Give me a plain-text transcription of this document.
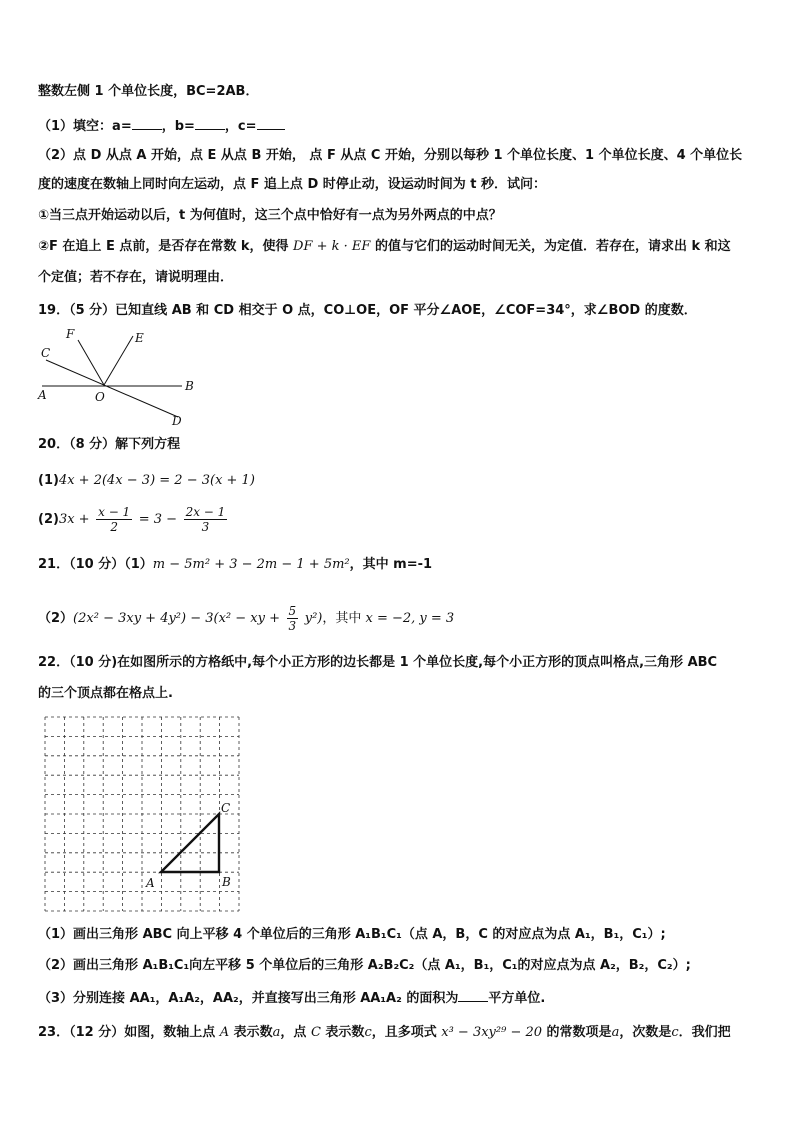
整数左侧 1 个单位长度，BC=2AB．
（1）填空：a= ，b= ，c=
（2）点 D 从点 A 开始，点 E 从点 B 开始， 点 F 从点 C 开始，分别以每秒 1 个单位长度、1 个单位长度、4 个单位长
度的速度在数轴上同时向左运动，点 F 追上点 D 时停止动，设运动时间为 t 秒．试问：
①当三点开始运动以后，t 为何值时，这三个点中恰好有一点为另外两点的中点？
②F 在追上 E 点前，是否存在常数 k，使得 DF + k · EF 的值与它们的运动时间无关，为定值．若存在，请求出 k 和这
个定值；若不存在，请说明理由．
19．（5 分）已知直线 AB 和 CD 相交于 O 点，CO⊥OE，OF 平分∠AOE，∠COF=34°，求∠BOD 的度数．
A
B
C
D
E
F
O
20．（8 分）解下列方程
(1)4x + 2(4x − 3) = 2 − 3(x + 1)
$(2)3x + \frac{x - 1}{2} = 3 - \frac{2x - 1}{3}$
21．（10 分）（1）m − 5m² + 3 − 2m − 1 + 5m²，其中 m=-1
（2）(2x² − 3xy + 4y²) − 3(x² − xy + $\frac{5}{3} y^2$)，其中 x = −2, y = 3
22．（10 分)在如图所示的方格纸中,每个小正方形的边长都是 1 个单位长度,每个小正方形的顶点叫格点,三角形 ABC
的三个顶点都在格点上.
A	B
C
（1）画出三角形 ABC 向上平移 4 个单位后的三角形 A₁B₁C₁（点 A，B，C 的对应点为点 A₁，B₁，C₁）;
（2）画出三角形 A₁B₁C₁向左平移 5 个单位后的三角形 A₂B₂C₂（点 A₁，B₁，C₁的对应点为点 A₂，B₂，C₂）;
（3）分别连接 AA₁，A₁A₂，AA₂，并直接写出三角形 AA₁A₂ 的面积为 平方单位.
23．（12 分）如图，数轴上点 A 表示数a，点 C 表示数c，且多项式 x³ − 3xy²⁹ − 20 的常数项是a，次数是c．我们把
